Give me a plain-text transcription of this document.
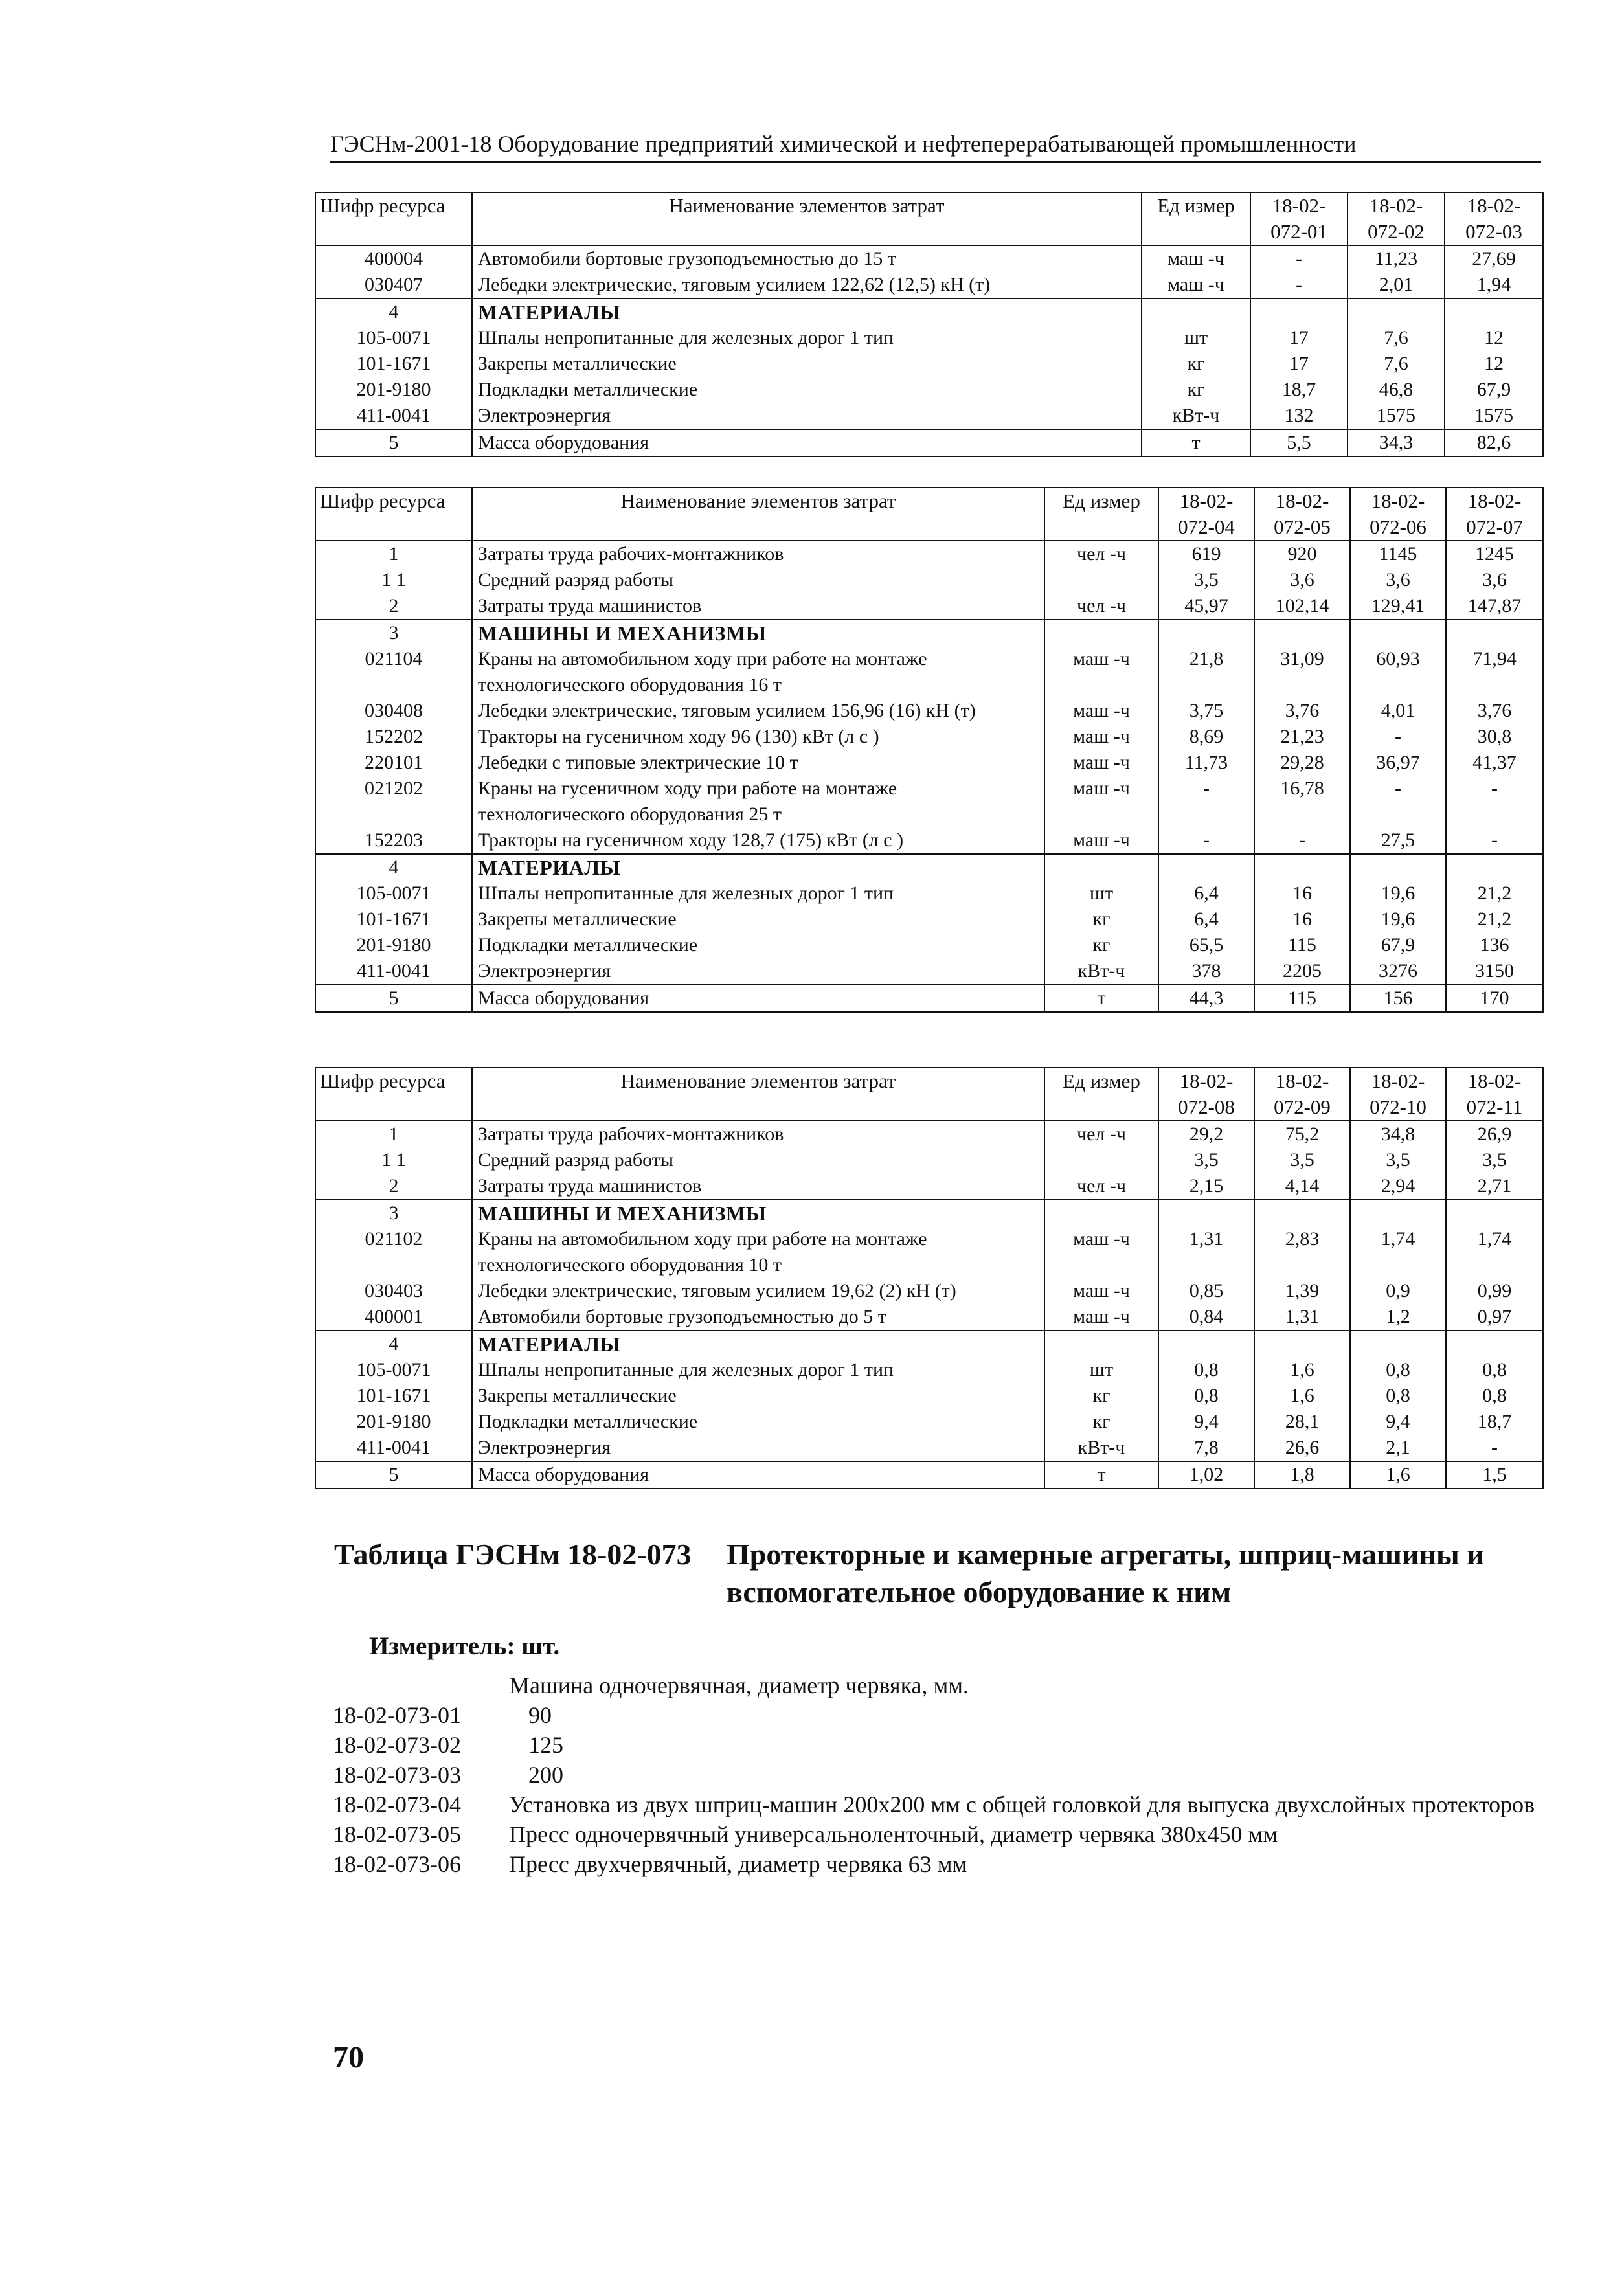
ГЭСНм-2001-18 Оборудование предприятий химической и нефтеперерабатывающей промышленности
Шифр ресурса	Наименование элементов затрат	Ед измер	18-02-072-01	18-02-072-02	18-02-072-03
400004	Автомобили бортовые грузоподъемностью до 15 т	маш -ч	-	11,23	27,69
030407	Лебедки электрические, тяговым усилием 122,62 (12,5) кН (т)	маш -ч	-	2,01	1,94
4	МАТЕРИАЛЫ				
105-0071	Шпалы непропитанные для железных дорог 1 тип	шт	17	7,6	12
101-1671	Закрепы металлические	кг	17	7,6	12
201-9180	Подкладки металлические	кг	18,7	46,8	67,9
411-0041	Электроэнергия	кВт-ч	132	1575	1575
5	Масса оборудования	т	5,5	34,3	82,6
Шифр ресурса	Наименование элементов затрат	Ед измер	18-02-072-04	18-02-072-05	18-02-072-06	18-02-072-07
1	Затраты труда рабочих-монтажников	чел -ч	619	920	1145	1245
1 1	Средний разряд работы		3,5	3,6	3,6	3,6
2	Затраты труда машинистов	чел -ч	45,97	102,14	129,41	147,87
3	МАШИНЫ И МЕХАНИЗМЫ					
021104	Краны на автомобильном ходу при работе на монтаже технологического оборудования 16 т	маш -ч	21,8	31,09	60,93	71,94
030408	Лебедки электрические, тяговым усилием 156,96 (16) кН (т)	маш -ч	3,75	3,76	4,01	3,76
152202	Тракторы на гусеничном ходу 96 (130) кВт (л с )	маш -ч	8,69	21,23	-	30,8
220101	Лебедки с типовые электрические 10 т	маш -ч	11,73	29,28	36,97	41,37
021202	Краны на гусеничном ходу при работе на монтаже технологического оборудования 25 т	маш -ч	-	16,78	-	-
152203	Тракторы на гусеничном ходу 128,7 (175) кВт (л с )	маш -ч	-	-	27,5	-
4	МАТЕРИАЛЫ					
105-0071	Шпалы непропитанные для железных дорог 1 тип	шт	6,4	16	19,6	21,2
101-1671	Закрепы металлические	кг	6,4	16	19,6	21,2
201-9180	Подкладки металлические	кг	65,5	115	67,9	136
411-0041	Электроэнергия	кВт-ч	378	2205	3276	3150
5	Масса оборудования	т	44,3	115	156	170
Шифр ресурса	Наименование элементов затрат	Ед измер	18-02-072-08	18-02-072-09	18-02-072-10	18-02-072-11
1	Затраты труда рабочих-монтажников	чел -ч	29,2	75,2	34,8	26,9
1 1	Средний разряд работы		3,5	3,5	3,5	3,5
2	Затраты труда машинистов	чел -ч	2,15	4,14	2,94	2,71
3	МАШИНЫ И МЕХАНИЗМЫ					
021102	Краны на автомобильном ходу при работе на монтаже технологического оборудования 10 т	маш -ч	1,31	2,83	1,74	1,74
030403	Лебедки электрические, тяговым усилием 19,62 (2) кН (т)	маш -ч	0,85	1,39	0,9	0,99
400001	Автомобили бортовые грузоподъемностью до 5 т	маш -ч	0,84	1,31	1,2	0,97
4	МАТЕРИАЛЫ					
105-0071	Шпалы непропитанные для железных дорог 1 тип	шт	0,8	1,6	0,8	0,8
101-1671	Закрепы металлические	кг	0,8	1,6	0,8	0,8
201-9180	Подкладки металлические	кг	9,4	28,1	9,4	18,7
411-0041	Электроэнергия	кВт-ч	7,8	26,6	2,1	-
5	Масса оборудования	т	1,02	1,8	1,6	1,5
Таблица ГЭСНм 18-02-073 Протекторные и камерные агрегаты, шприц-машины и вспомогательное оборудование к ним
Измеритель: шт.
Машина одночервячная, диаметр червяка, мм.
18-02-073-01	90
18-02-073-02	125
18-02-073-03	200
18-02-073-04	Установка из двух шприц-машин 200х200 мм с общей головкой для выпуска двухслойных протекторов
18-02-073-05	Пресс одночервячный универсальноленточный, диаметр червяка 380х450 мм
18-02-073-06	Пресс двухчервячный, диаметр червяка 63 мм
70
